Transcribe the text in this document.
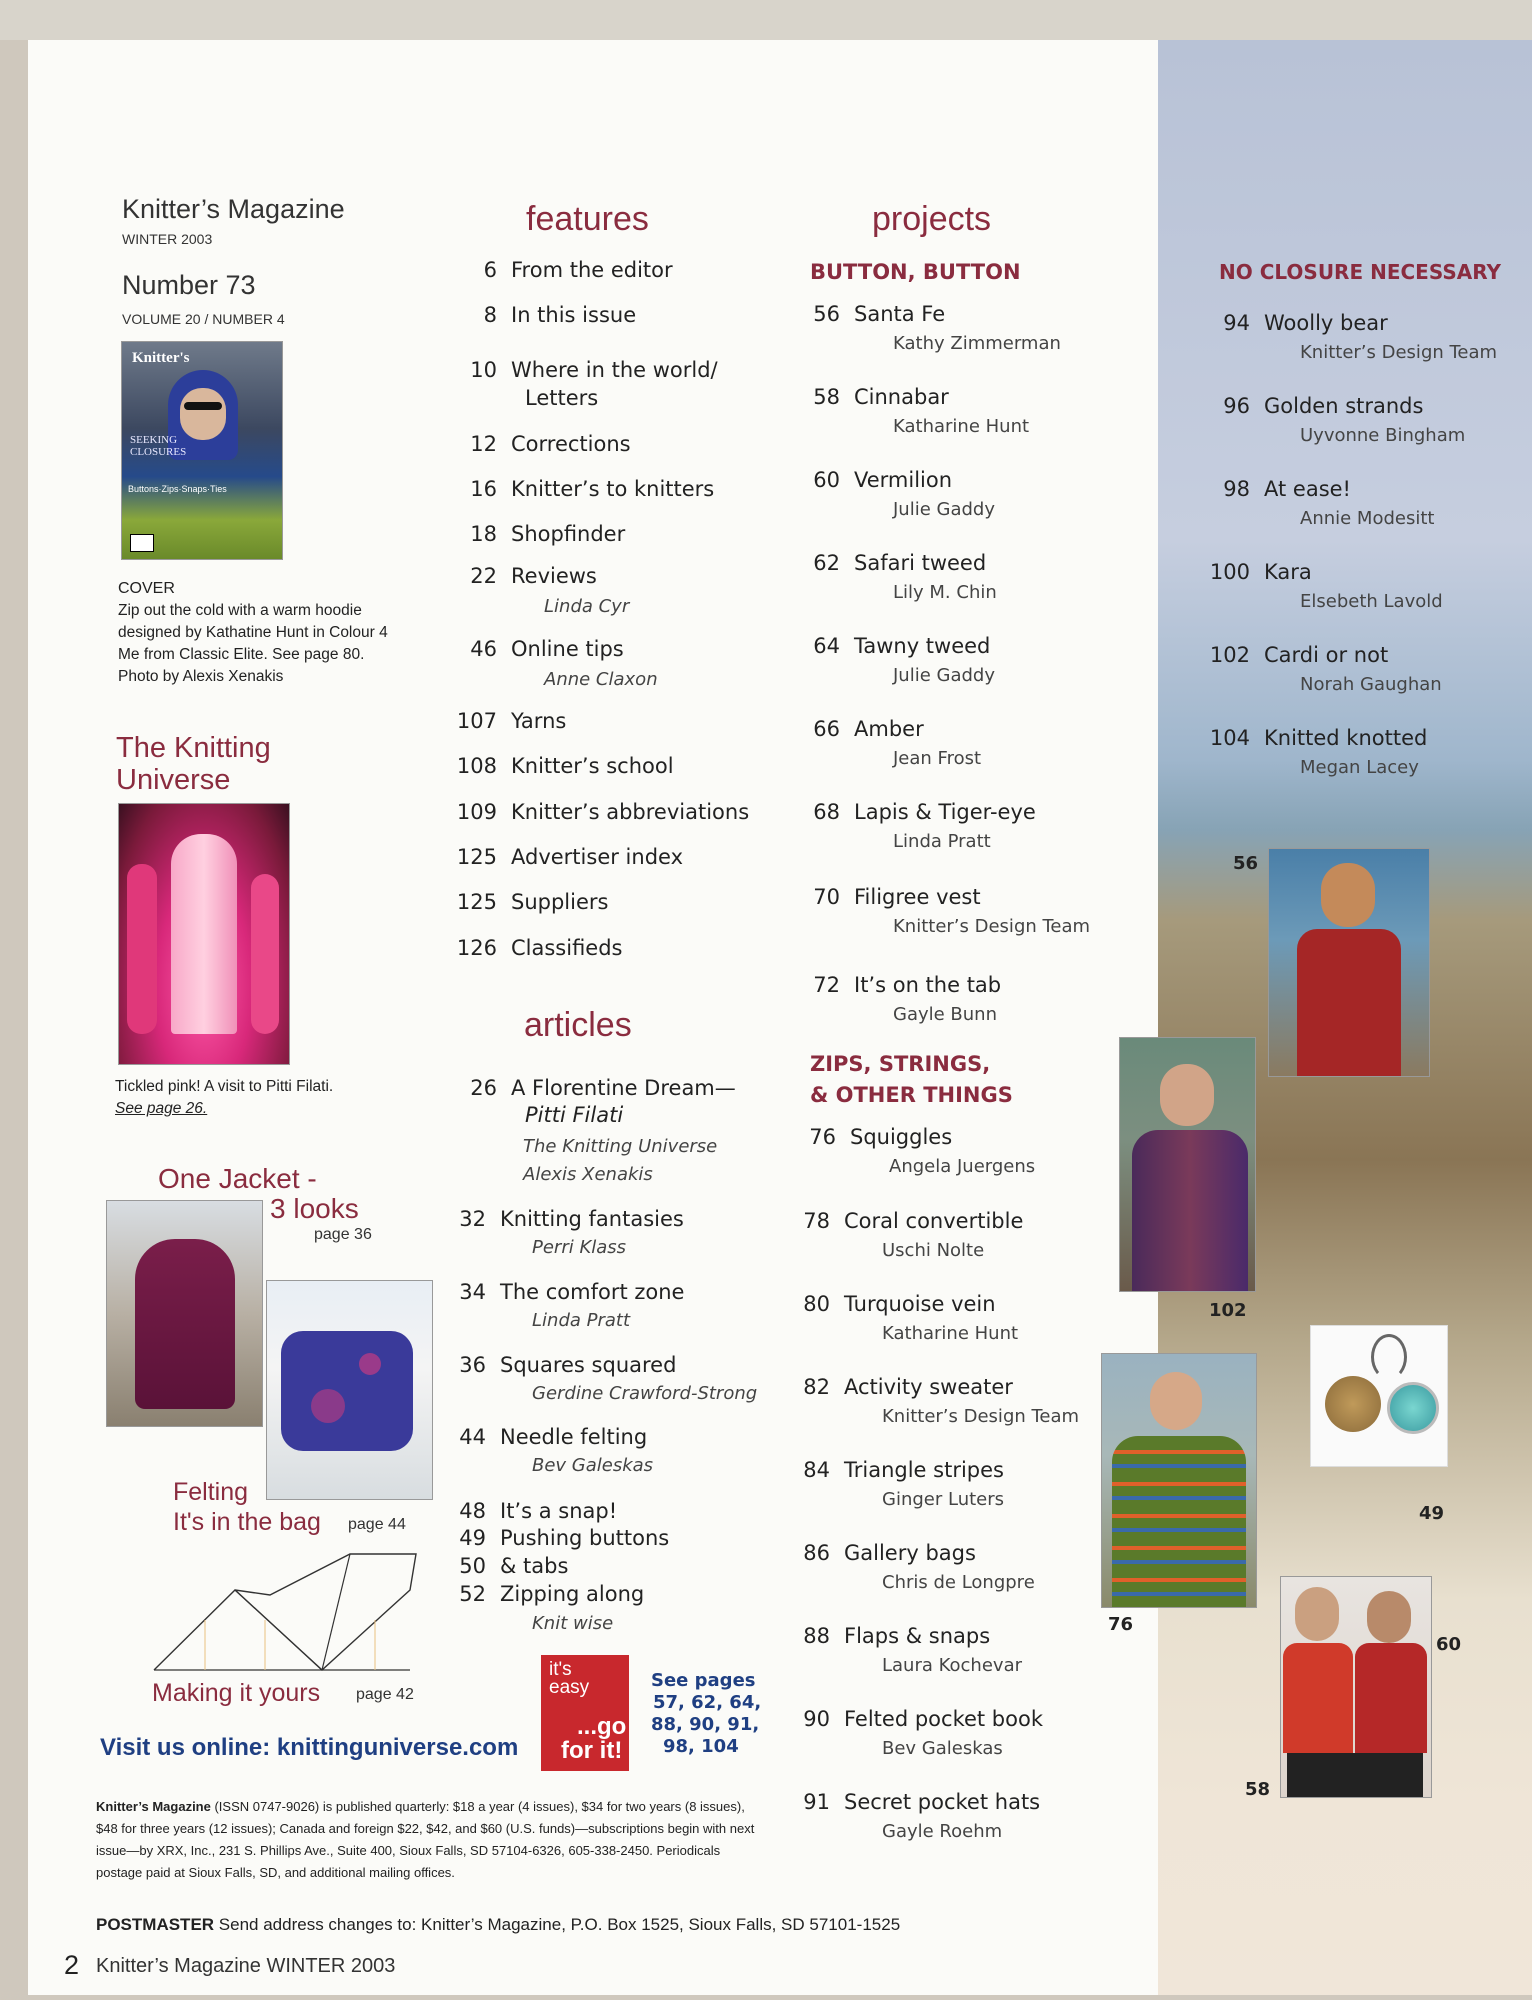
Knitter’s Magazine
WINTER 2003
Number 73
VOLUME 20 / NUMBER 4
Knitter's
SEEKING CLOSURES
Buttons·Zips·Snaps·Ties
COVER
Zip out the cold with a warm hoodie designed by Kathatine Hunt in Colour 4 Me from Classic Elite. See page 80. Photo by Alexis Xenakis
The Knitting
Universe
Tickled pink! A visit to Pitti Filati.
See page 26.
One Jacket -
3 looks
page 36
Felting
It's in the bag page 44
Making it yours page 42
Visit us online: knittinguniverse.com
features
6 From the editor
8 In this issue
10 Where in the world/
Letters
12 Corrections
16 Knitter’s to knitters
18 Shopfinder
22 Reviews
Linda Cyr
46 Online tips
Anne Claxon
107 Yarns
108 Knitter’s school
109 Knitter’s abbreviations
125 Advertiser index
125 Suppliers
126 Classifieds
articles
26 A Florentine Dream—
Pitti Filati
The Knitting Universe
Alexis Xenakis
32 Knitting fantasies
Perri Klass
34 The comfort zone
Linda Pratt
36 Squares squared
Gerdine Crawford-Strong
44 Needle felting
Bev Galeskas
48 It’s a snap!
49 Pushing buttons
50 & tabs
52 Zipping along
Knit wise
it's
easy
...go
for it!
See pages
57, 62, 64,
88, 90, 91,
98, 104
projects
BUTTON, BUTTON
56 Santa Fe
Kathy Zimmerman
58 Cinnabar
Katharine Hunt
60 Vermilion
Julie Gaddy
62 Safari tweed
Lily M. Chin
64 Tawny tweed
Julie Gaddy
66 Amber
Jean Frost
68 Lapis & Tiger-eye
Linda Pratt
70 Filigree vest
Knitter’s Design Team
72 It’s on the tab
Gayle Bunn
ZIPS, STRINGS,
& OTHER THINGS
76 Squiggles
Angela Juergens
78 Coral convertible
Uschi Nolte
80 Turquoise vein
Katharine Hunt
82 Activity sweater
Knitter’s Design Team
84 Triangle stripes
Ginger Luters
86 Gallery bags
Chris de Longpre
88 Flaps & snaps
Laura Kochevar
90 Felted pocket book
Bev Galeskas
91 Secret pocket hats
Gayle Roehm
NO CLOSURE NECESSARY
94 Woolly bear
Knitter’s Design Team
96 Golden strands
Uyvonne Bingham
98 At ease!
Annie Modesitt
100 Kara
Elsebeth Lavold
102 Cardi or not
Norah Gaughan
104 Knitted knotted
Megan Lacey
56
102
49
76
60
58
Knitter’s Magazine (ISSN 0747-9026) is published quarterly: $18 a year (4 issues), $34 for two years (8 issues), $48 for three years (12 issues); Canada and foreign $22, $42, and $60 (U.S. funds)—subscriptions begin with next issue—by XRX, Inc., 231 S. Phillips Ave., Suite 400, Sioux Falls, SD 57104-6326, 605-338-2450. Periodicals postage paid at Sioux Falls, SD, and additional mailing offices.
POSTMASTER Send address changes to: Knitter’s Magazine, P.O. Box 1525, Sioux Falls, SD 57101-1525
2 Knitter’s Magazine WINTER 2003
